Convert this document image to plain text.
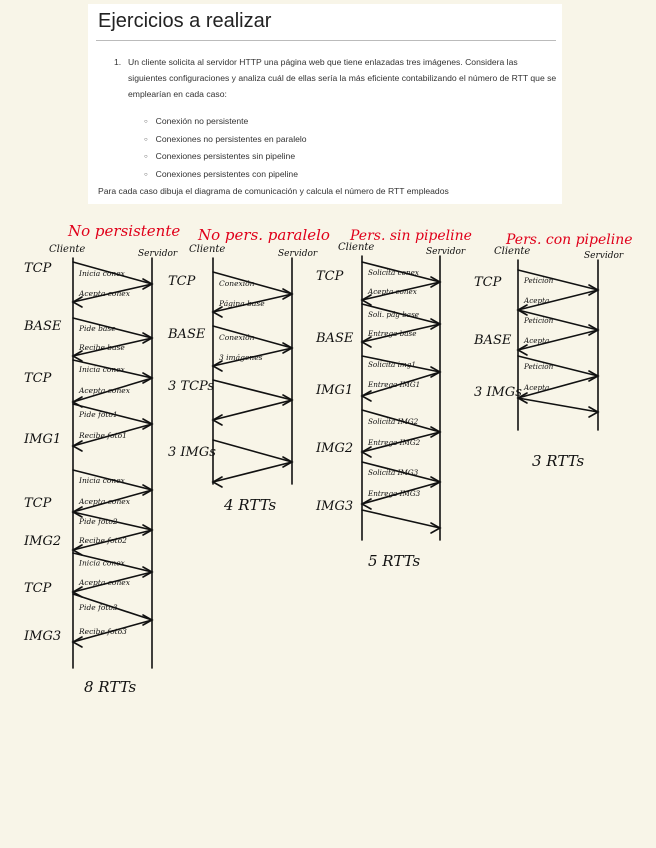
Ejercicios a realizar
1. Un cliente solicita al servidor HTTP una página web que tiene enlazadas tres imágenes. Considera las siguientes configuraciones y analiza cuál de ellas sería la más eficiente contabilizando el número de RTT que se emplearían en cada caso:
○ Conexión no persistente
○ Conexiones no persistentes en paralelo
○ Conexiones persistentes sin pipeline
○ Conexiones persistentes con pipeline
Para cada caso dibuja el diagrama de comunicación y calcula el número de RTT empleados
No persistente
Cliente	Servidor
TCP
BASE
TCP
IMG1
TCP
IMG2
TCP
IMG3
Inicia conex
Acepta conex
Pide base
Recibe base
Inicia conex
Acepta conex
Pide foto1
Recibe foto1
Inicia conex
Acepta conex
Pide foto2
Recibe foto2
Inicia conex
Acepta conex
Pide foto3
Recibe foto3
8 RTTs
No pers. paralelo
Cliente	Servidor
TCP
BASE
3 TCPs
3 IMGs
Conexión
Página base
Conexión
3 imágenes
4 RTTs
Pers. sin pipeline
Cliente	Servidor
TCP
BASE
IMG1
IMG2
IMG3
Solicita conex
Acepta conex
Soli. pág base
Entrega base
Solicita img1
Entrega IMG1
Solicita IMG2
Entrega IMG2
Solicita IMG3
Entrega IMG3
5 RTTs
Pers. con pipeline
Cliente	Servidor
TCP
BASE
3 IMGs
Petición
Acepta
Petición
Acepta
Petición
Acepta
3 RTTs
